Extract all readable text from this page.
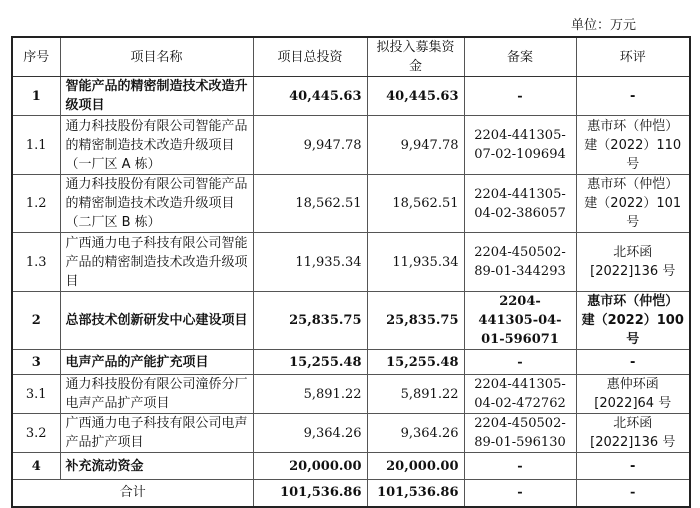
单位：万元
序号	项目名称	项目总投资	拟投入募集资金	备案	环评
1	智能产品的精密制造技术改造升级项目	40,445.63	40,445.63	-	-
1.1	通力科技股份有限公司智能产品的精密制造技术改造升级项目（一厂区 A 栋）	9,947.78	9,947.78	2204-441305-07-02-109694	惠市环（仲恺）建（2022）110 号
1.2	通力科技股份有限公司智能产品的精密制造技术改造升级项目（二厂区 B 栋）	18,562.51	18,562.51	2204-441305-04-02-386057	惠市环（仲恺）建（2022）101 号
1.3	广西通力电子科技有限公司智能产品的精密制造技术改造升级项目	11,935.34	11,935.34	2204-450502-89-01-344293	北环函[2022]136 号
2	总部技术创新研发中心建设项目	25,835.75	25,835.75	2204-441305-04-01-596071	惠市环（仲恺）建（2022）100 号
3	电声产品的产能扩充项目	15,255.48	15,255.48	-	-
3.1	通力科技股份有限公司潼侨分厂电声产品扩产项目	5,891.22	5,891.22	2204-441305-04-02-472762	惠仲环函[2022]64 号
3.2	广西通力电子科技有限公司电声产品扩产项目	9,364.26	9,364.26	2204-450502-89-01-596130	北环函[2022]136 号
4	补充流动资金	20,000.00	20,000.00	-	-
合计		101,536.86	101,536.86	-	-
